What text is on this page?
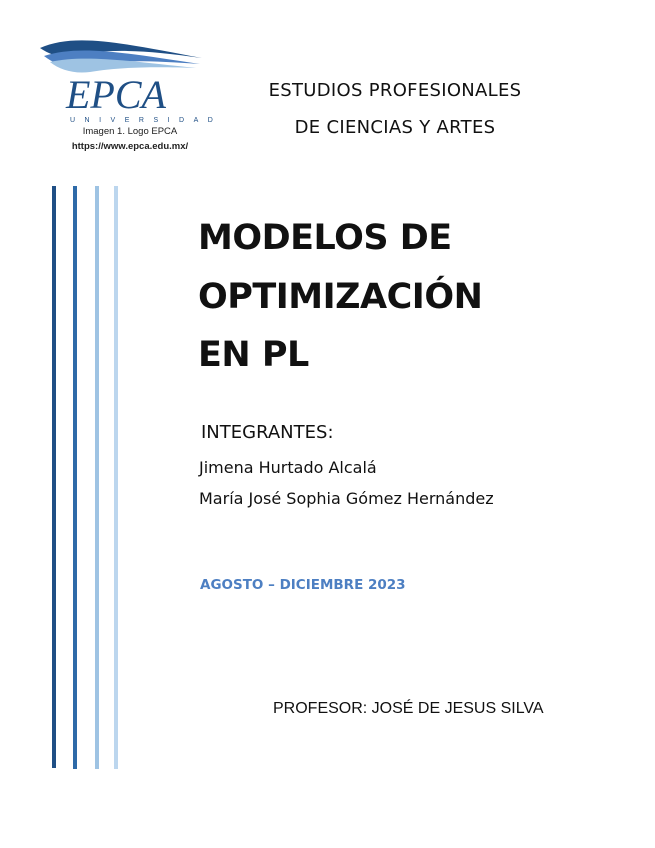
EPCA
UNIVERSIDAD
Imagen 1. Logo EPCA
https://www.epca.edu.mx/
ESTUDIOS PROFESIONALES
DE CIENCIAS Y ARTES
MODELOS DE
OPTIMIZACIÓN
EN PL
INTEGRANTES:
Jimena Hurtado Alcalá
María José Sophia Gómez Hernández
AGOSTO – DICIEMBRE 2023
PROFESOR: JOSÉ DE JESUS SILVA
